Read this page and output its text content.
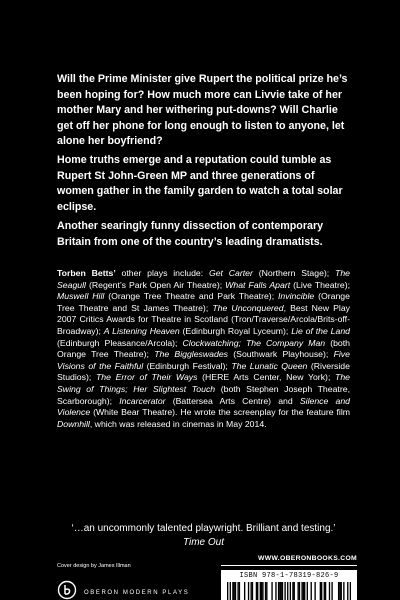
Will the Prime Minister give Rupert the political prize he’s been hoping for? How much more can Livvie take of her mother Mary and her withering put-downs? Will Charlie get off her phone for long enough to listen to anyone, let alone her boyfriend?

Home truths emerge and a reputation could tumble as Rupert St John-Green MP and three generations of women gather in the family garden to watch a total solar eclipse.

Another searingly funny dissection of contemporary Britain from one of the country’s leading dramatists.

Torben Betts’ other plays include: Get Carter (Northern Stage); The Seagull (Regent’s Park Open Air Theatre); What Falls Apart (Live Theatre); Muswell Hill (Orange Tree Theatre and Park Theatre); Invincible (Orange Tree Theatre and St James Theatre); The Unconquered, Best New Play 2007 Critics Awards for Theatre in Scotland (Tron/Traverse/Arcola/Brits-off-Broadway); A Listening Heaven (Edinburgh Royal Lyceum); Lie of the Land (Edinburgh Pleasance/Arcola); Clockwatching; The Company Man (both Orange Tree Theatre); The Biggleswades (Southwark Playhouse); Five Visions of the Faithful (Edinburgh Festival); The Lunatic Queen (Riverside Studios); The Error of Their Ways (HERE Arts Center, New York); The Swing of Things; Her Slightest Touch (both Stephen Joseph Theatre, Scarborough); Incarcerator (Battersea Arts Centre) and Silence and Violence (White Bear Theatre). He wrote the screenplay for the feature film Downhill, which was released in cinemas in May 2014.

‘…an uncommonly talented playwright. Brilliant and testing.’
Time Out
Cover design by James Illman
WWW.OBERONBOOKS.COM
OBERON MODERN PLAYS
ISBN 978-1-78319-826-9
